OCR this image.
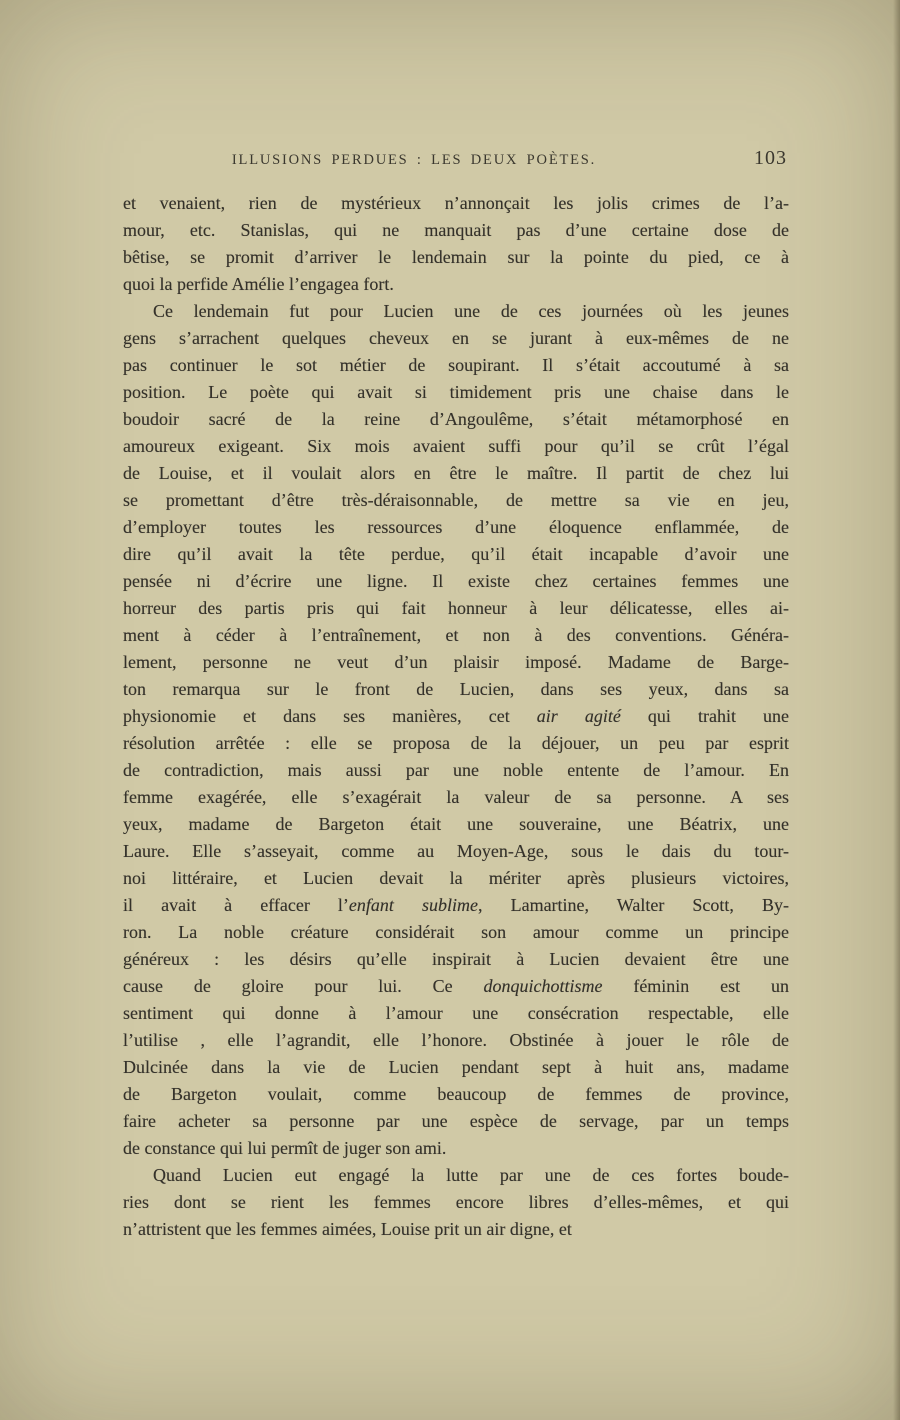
ILLUSIONS PERDUES : LES DEUX POÈTES.	103
et venaient, rien de mystérieux n’annonçait les jolis crimes de l’a-
mour, etc. Stanislas, qui ne manquait pas d’une certaine dose de
bêtise, se promit d’arriver le lendemain sur la pointe du pied, ce à
quoi la perfide Amélie l’engagea fort.
Ce lendemain fut pour Lucien une de ces journées où les jeunes
gens s’arrachent quelques cheveux en se jurant à eux-mêmes de ne
pas continuer le sot métier de soupirant. Il s’était accoutumé à sa
position. Le poète qui avait si timidement pris une chaise dans le
boudoir sacré de la reine d’Angoulême, s’était métamorphosé en
amoureux exigeant. Six mois avaient suffi pour qu’il se crût l’égal
de Louise, et il voulait alors en être le maître. Il partit de chez lui
se promettant d’être très-déraisonnable, de mettre sa vie en jeu,
d’employer toutes les ressources d’une éloquence enflammée, de
dire qu’il avait la tête perdue, qu’il était incapable d’avoir une
pensée ni d’écrire une ligne. Il existe chez certaines femmes une
horreur des partis pris qui fait honneur à leur délicatesse, elles ai-
ment à céder à l’entraînement, et non à des conventions. Généra-
lement, personne ne veut d’un plaisir imposé. Madame de Barge-
ton remarqua sur le front de Lucien, dans ses yeux, dans sa
physionomie et dans ses manières, cet air agité qui trahit une
résolution arrêtée : elle se proposa de la déjouer, un peu par esprit
de contradiction, mais aussi par une noble entente de l’amour. En
femme exagérée, elle s’exagérait la valeur de sa personne. A ses
yeux, madame de Bargeton était une souveraine, une Béatrix, une
Laure. Elle s’asseyait, comme au Moyen-Age, sous le dais du tour-
noi littéraire, et Lucien devait la mériter après plusieurs victoires,
il avait à effacer l’enfant sublime, Lamartine, Walter Scott, By-
ron. La noble créature considérait son amour comme un principe
généreux : les désirs qu’elle inspirait à Lucien devaient être une
cause de gloire pour lui. Ce donquichottisme féminin est un
sentiment qui donne à l’amour une consécration respectable, elle
l’utilise , elle l’agrandit, elle l’honore. Obstinée à jouer le rôle de
Dulcinée dans la vie de Lucien pendant sept à huit ans, madame
de Bargeton voulait, comme beaucoup de femmes de province,
faire acheter sa personne par une espèce de servage, par un temps
de constance qui lui permît de juger son ami.
Quand Lucien eut engagé la lutte par une de ces fortes boude-
ries dont se rient les femmes encore libres d’elles-mêmes, et qui
n’attristent que les femmes aimées, Louise prit un air digne, et
